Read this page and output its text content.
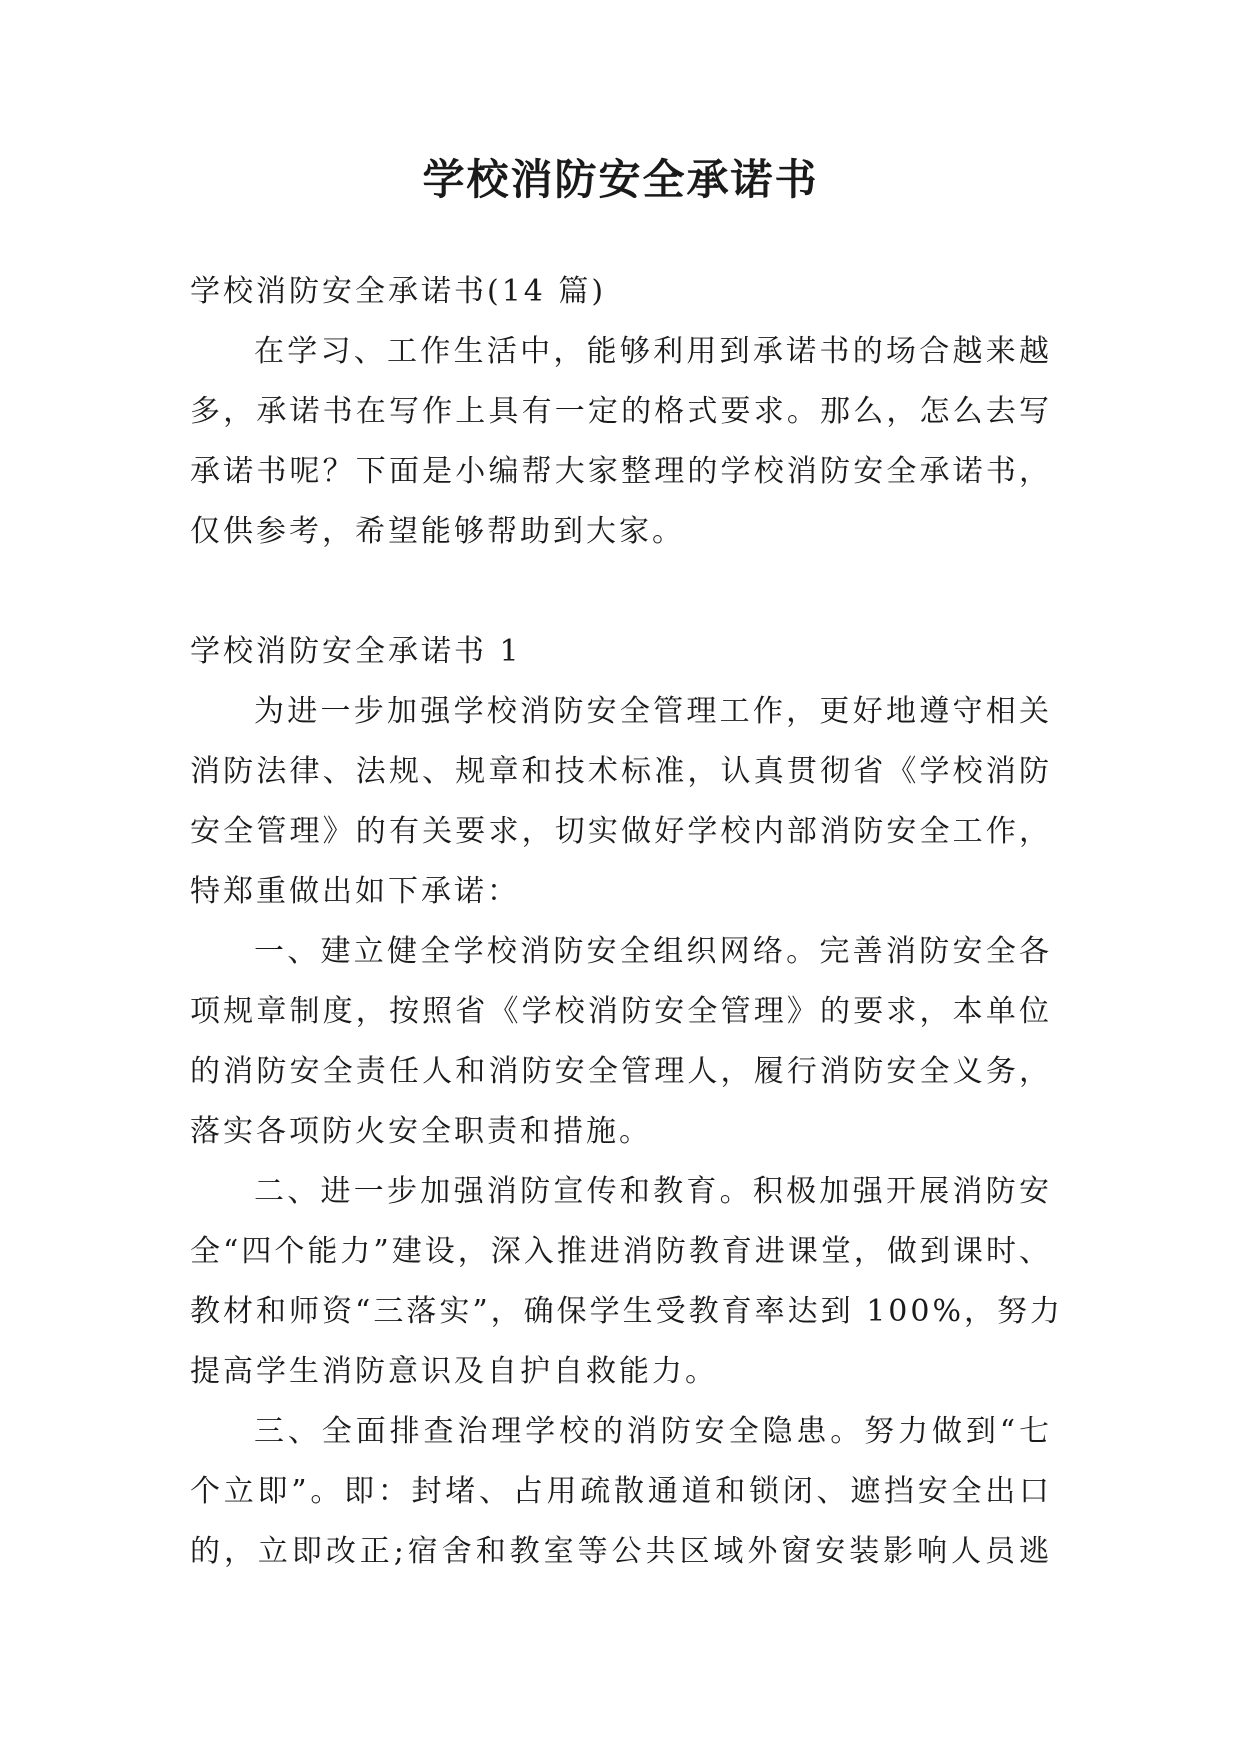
学校消防安全承诺书
学校消防安全承诺书(14 篇)
在学习、工作生活中，能够利用到承诺书的场合越来越
多，承诺书在写作上具有一定的格式要求。那么，怎么去写
承诺书呢？下面是小编帮大家整理的学校消防安全承诺书，
仅供参考，希望能够帮助到大家。
学校消防安全承诺书 1
为进一步加强学校消防安全管理工作，更好地遵守相关
消防法律、法规、规章和技术标准，认真贯彻省《学校消防
安全管理》的有关要求，切实做好学校内部消防安全工作，
特郑重做出如下承诺：
一、建立健全学校消防安全组织网络。完善消防安全各
项规章制度，按照省《学校消防安全管理》的要求，本单位
的消防安全责任人和消防安全管理人，履行消防安全义务，
落实各项防火安全职责和措施。
二、进一步加强消防宣传和教育。积极加强开展消防安
全“四个能力”建设，深入推进消防教育进课堂，做到课时、
教材和师资“三落实”，确保学生受教育率达到 100%，努力
提高学生消防意识及自护自救能力。
三、全面排查治理学校的消防安全隐患。努力做到“七
个立即”。即：封堵、占用疏散通道和锁闭、遮挡安全出口
的，立即改正;宿舍和教室等公共区域外窗安装影响人员逃
